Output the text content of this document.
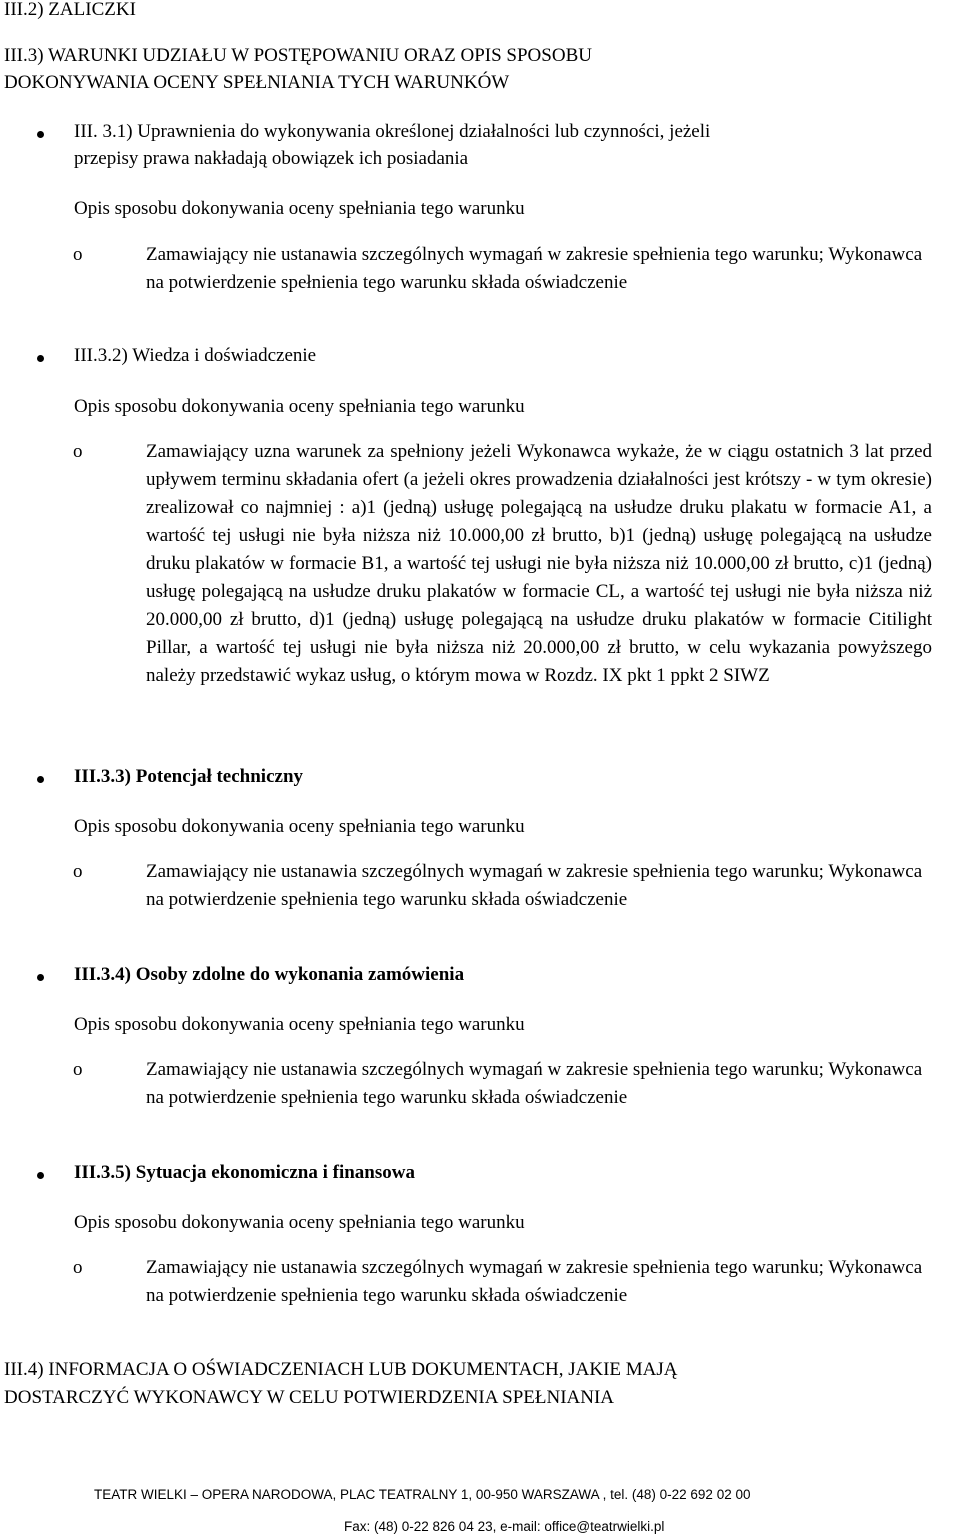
III.2) ZALICZKI
III.3) WARUNKI UDZIAŁU W POSTĘPOWANIU ORAZ OPIS SPOSOBU
DOKONYWANIA OCENY SPEŁNIANIA TYCH WARUNKÓW
III. 3.1) Uprawnienia do wykonywania określonej działalności lub czynności, jeżeli
przepisy prawa nakładają obowiązek ich posiadania
Opis sposobu dokonywania oceny spełniania tego warunku
o	Zamawiający nie ustanawia szczególnych wymagań w zakresie spełnienia tego warunku; Wykonawca na potwierdzenie spełnienia tego warunku składa oświadczenie
III.3.2) Wiedza i doświadczenie
Opis sposobu dokonywania oceny spełniania tego warunku
o	Zamawiający uzna warunek za spełniony jeżeli Wykonawca wykaże, że w ciągu ostatnich 3 lat przed upływem terminu składania ofert (a jeżeli okres prowadzenia działalności jest krótszy - w tym okresie) zrealizował co najmniej : a)1 (jedną) usługę polegającą na usłudze druku plakatu w formacie A1, a wartość tej usługi nie była niższa niż 10.000,00 zł brutto, b)1 (jedną) usługę polegającą na usłudze druku plakatów w formacie B1, a wartość tej usługi nie była niższa niż 10.000,00 zł brutto, c)1 (jedną) usługę polegającą na usłudze druku plakatów w formacie CL, a wartość tej usługi nie była niższa niż 20.000,00 zł brutto, d)1 (jedną) usługę polegającą na usłudze druku plakatów w formacie Citilight Pillar, a wartość tej usługi nie była niższa niż 20.000,00 zł brutto, w celu wykazania powyższego należy przedstawić wykaz usług, o którym mowa w Rozdz. IX pkt 1 ppkt 2 SIWZ
III.3.3) Potencjał techniczny
Opis sposobu dokonywania oceny spełniania tego warunku
o	Zamawiający nie ustanawia szczególnych wymagań w zakresie spełnienia tego warunku; Wykonawca na potwierdzenie spełnienia tego warunku składa oświadczenie
III.3.4) Osoby zdolne do wykonania zamówienia
Opis sposobu dokonywania oceny spełniania tego warunku
o	Zamawiający nie ustanawia szczególnych wymagań w zakresie spełnienia tego warunku; Wykonawca na potwierdzenie spełnienia tego warunku składa oświadczenie
III.3.5) Sytuacja ekonomiczna i finansowa
Opis sposobu dokonywania oceny spełniania tego warunku
o	Zamawiający nie ustanawia szczególnych wymagań w zakresie spełnienia tego warunku; Wykonawca na potwierdzenie spełnienia tego warunku składa oświadczenie
III.4) INFORMACJA O OŚWIADCZENIACH LUB DOKUMENTACH, JAKIE MAJĄ
DOSTARCZYĆ WYKONAWCY W CELU POTWIERDZENIA SPEŁNIANIA
TEATR WIELKI – OPERA NARODOWA, PLAC TEATRALNY 1, 00-950 WARSZAWA , tel. (48) 0-22 692 02 00
Fax: (48) 0-22 826 04 23, e-mail: office@teatrwielki.pl
